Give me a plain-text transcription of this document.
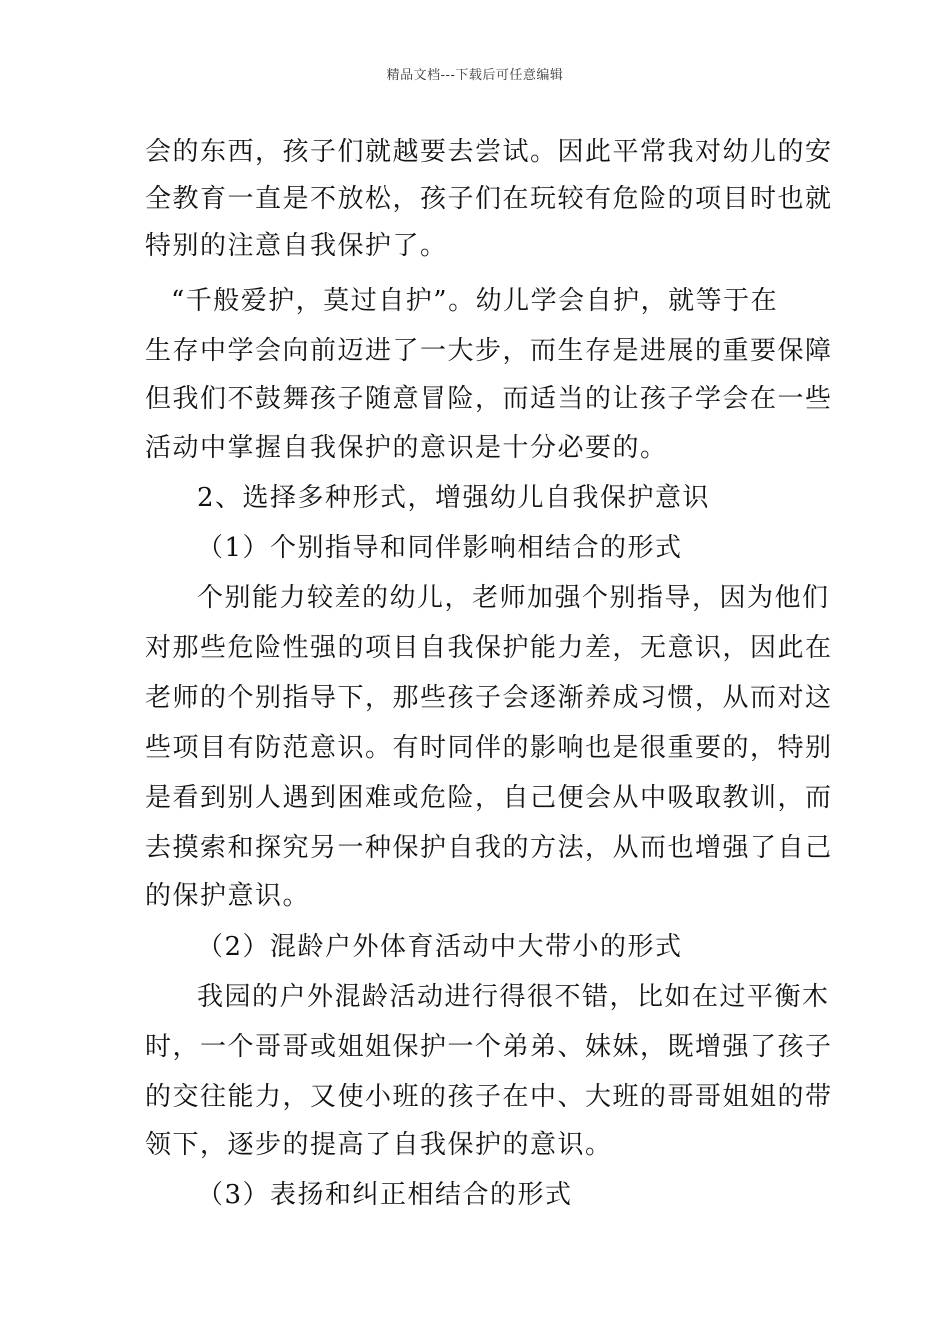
精品文档---下载后可任意编辑
会的东西，孩子们就越要去尝试。因此平常我对幼儿的安
全教育一直是不放松，孩子们在玩较有危险的项目时也就
特别的注意自我保护了。
“千般爱护，莫过自护”。幼儿学会自护，就等于在
生存中学会向前迈进了一大步，而生存是进展的重要保障
但我们不鼓舞孩子随意冒险，而适当的让孩子学会在一些
活动中掌握自我保护的意识是十分必要的。
2、选择多种形式，增强幼儿自我保护意识
（1）个别指导和同伴影响相结合的形式
个别能力较差的幼儿，老师加强个别指导，因为他们
对那些危险性强的项目自我保护能力差，无意识，因此在
老师的个别指导下，那些孩子会逐渐养成习惯，从而对这
些项目有防范意识。有时同伴的影响也是很重要的，特别
是看到别人遇到困难或危险，自己便会从中吸取教训，而
去摸索和探究另一种保护自我的方法，从而也增强了自己
的保护意识。
（2）混龄户外体育活动中大带小的形式
我园的户外混龄活动进行得很不错，比如在过平衡木
时，一个哥哥或姐姐保护一个弟弟、妹妹，既增强了孩子
的交往能力，又使小班的孩子在中、大班的哥哥姐姐的带
领下，逐步的提高了自我保护的意识。
（3）表扬和纠正相结合的形式
